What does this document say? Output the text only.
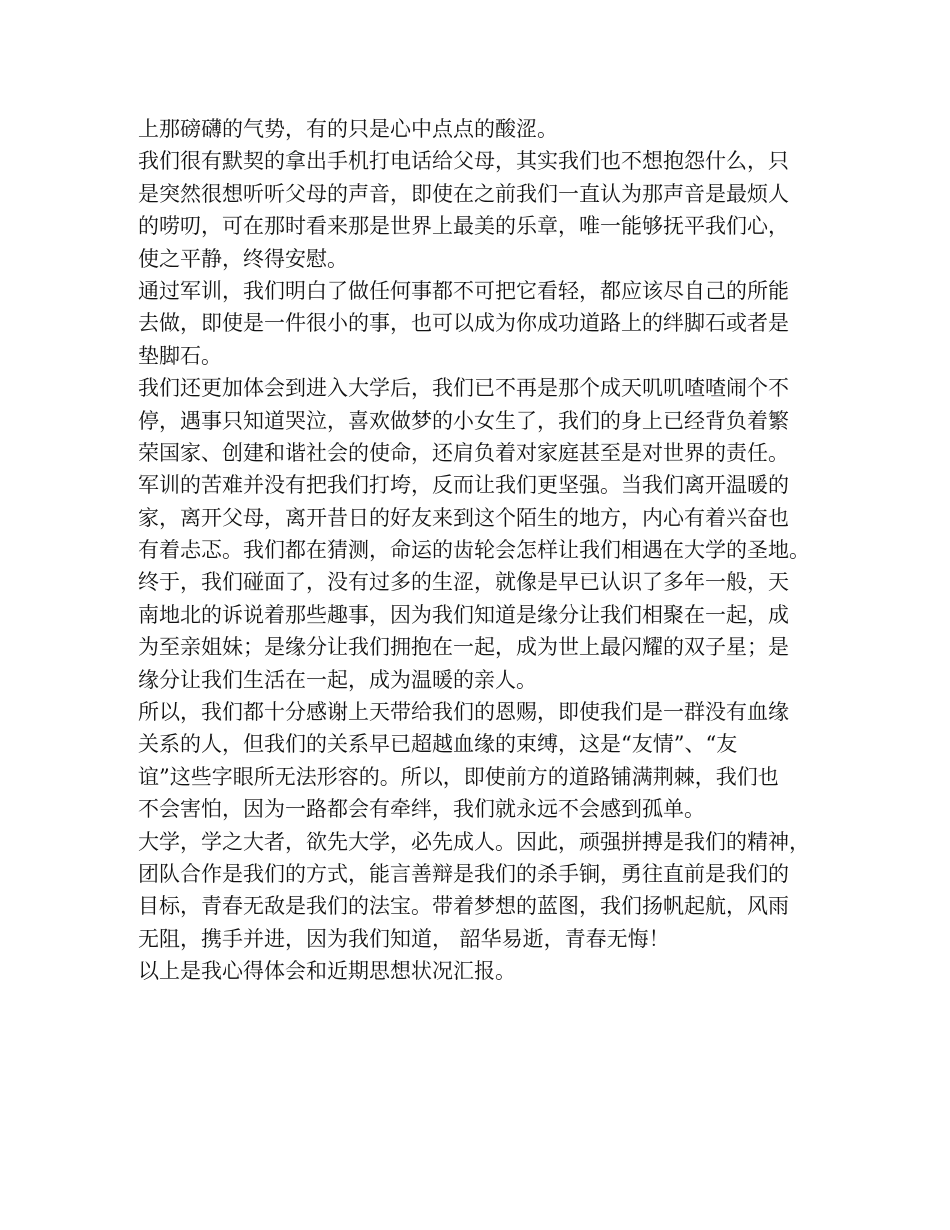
上那磅礴的气势，有的只是心中点点的酸涩。
我们很有默契的拿出手机打电话给父母，其实我们也不想抱怨什么，只
是突然很想听听父母的声音，即使在之前我们一直认为那声音是最烦人
的唠叨，可在那时看来那是世界上最美的乐章，唯一能够抚平我们心，
使之平静，终得安慰。
通过军训，我们明白了做任何事都不可把它看轻，都应该尽自己的所能
去做，即使是一件很小的事，也可以成为你成功道路上的绊脚石或者是
垫脚石。
我们还更加体会到进入大学后，我们已不再是那个成天叽叽喳喳闹个不
停，遇事只知道哭泣，喜欢做梦的小女生了，我们的身上已经背负着繁
荣国家、创建和谐社会的使命，还肩负着对家庭甚至是对世界的责任。
军训的苦难并没有把我们打垮，反而让我们更坚强。当我们离开温暖的
家，离开父母，离开昔日的好友来到这个陌生的地方，内心有着兴奋也
有着忐忑。我们都在猜测，命运的齿轮会怎样让我们相遇在大学的圣地。
终于，我们碰面了，没有过多的生涩，就像是早已认识了多年一般，天
南地北的诉说着那些趣事，因为我们知道是缘分让我们相聚在一起，成
为至亲姐妹；是缘分让我们拥抱在一起，成为世上最闪耀的双子星；是
缘分让我们生活在一起，成为温暖的亲人。
所以，我们都十分感谢上天带给我们的恩赐，即使我们是一群没有血缘
关系的人，但我们的关系早已超越血缘的束缚，这是“友情”、“友
谊”这些字眼所无法形容的。所以，即使前方的道路铺满荆棘，我们也
不会害怕，因为一路都会有牵绊，我们就永远不会感到孤单。
大学，学之大者，欲先大学，必先成人。因此，顽强拼搏是我们的精神，
团队合作是我们的方式，能言善辩是我们的杀手锏，勇往直前是我们的
目标，青春无敌是我们的法宝。带着梦想的蓝图，我们扬帆起航，风雨
无阻，携手并进，因为我们知道， 韶华易逝，青春无悔！
以上是我心得体会和近期思想状况汇报。
